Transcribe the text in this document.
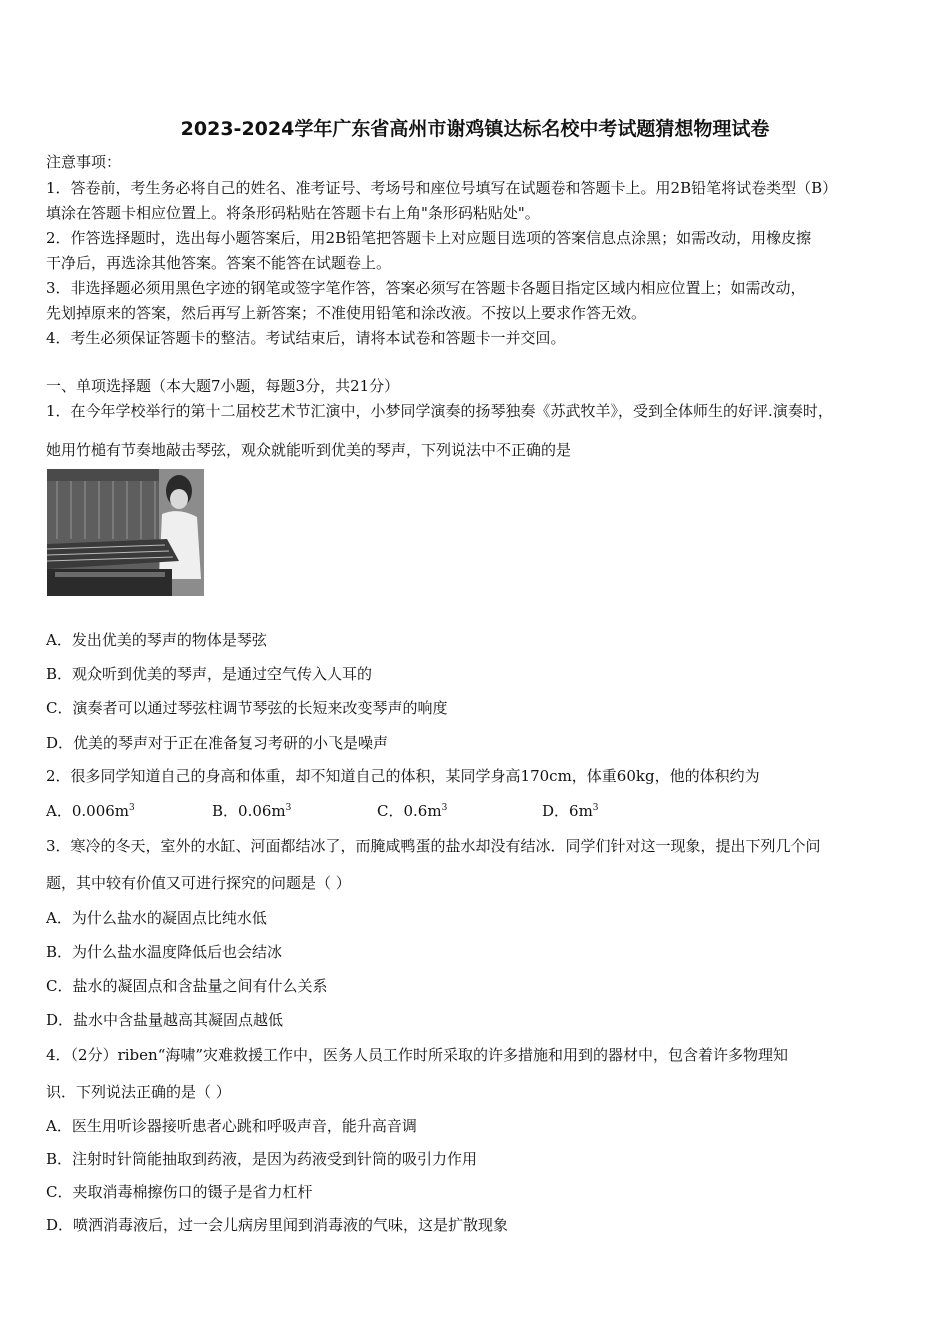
2023-2024学年广东省高州市谢鸡镇达标名校中考试题猜想物理试卷
注意事项：
1．答卷前，考生务必将自己的姓名、准考证号、考场号和座位号填写在试题卷和答题卡上。用2B铅笔将试卷类型（B）
填涂在答题卡相应位置上。将条形码粘贴在答题卡右上角"条形码粘贴处"。
2．作答选择题时，选出每小题答案后，用2B铅笔把答题卡上对应题目选项的答案信息点涂黑；如需改动，用橡皮擦
干净后，再选涂其他答案。答案不能答在试题卷上。
3．非选择题必须用黑色字迹的钢笔或签字笔作答，答案必须写在答题卡各题目指定区域内相应位置上；如需改动，
先划掉原来的答案，然后再写上新答案；不准使用铅笔和涂改液。不按以上要求作答无效。
4．考生必须保证答题卡的整洁。考试结束后，请将本试卷和答题卡一并交回。
一、单项选择题（本大题7小题，每题3分，共21分）
1．在今年学校举行的第十二届校艺术节汇演中，小梦同学演奏的扬琴独奏《苏武牧羊》，受到全体师生的好评.演奏时，
她用竹槌有节奏地敲击琴弦，观众就能听到优美的琴声，下列说法中不正确的是
A．发出优美的琴声的物体是琴弦
B．观众听到优美的琴声，是通过空气传入人耳的
C．演奏者可以通过琴弦柱调节琴弦的长短来改变琴声的响度
D．优美的琴声对于正在准备复习考研的小飞是噪声
2．很多同学知道自己的身高和体重，却不知道自己的体积，某同学身高170cm，体重60kg，他的体积约为
A．$0.006m^3$	B．$0.06m^3$	C．$0.6m^3$	D．$6m^3$
3．寒冷的冬天，室外的水缸、河面都结冰了，而腌咸鸭蛋的盐水却没有结冰．同学们针对这一现象，提出下列几个问
题，其中较有价值又可进行探究的问题是（ ）
A．为什么盐水的凝固点比纯水低
B．为什么盐水温度降低后也会结冰
C．盐水的凝固点和含盐量之间有什么关系
D．盐水中含盐量越高其凝固点越低
4．（2分）riben“海啸”灾难救援工作中，医务人员工作时所采取的许多措施和用到的器材中，包含着许多物理知
识．下列说法正确的是（ ）
A．医生用听诊器接听患者心跳和呼吸声音，能升高音调
B．注射时针筒能抽取到药液，是因为药液受到针筒的吸引力作用
C．夹取消毒棉擦伤口的镊子是省力杠杆
D．喷洒消毒液后，过一会儿病房里闻到消毒液的气味，这是扩散现象
